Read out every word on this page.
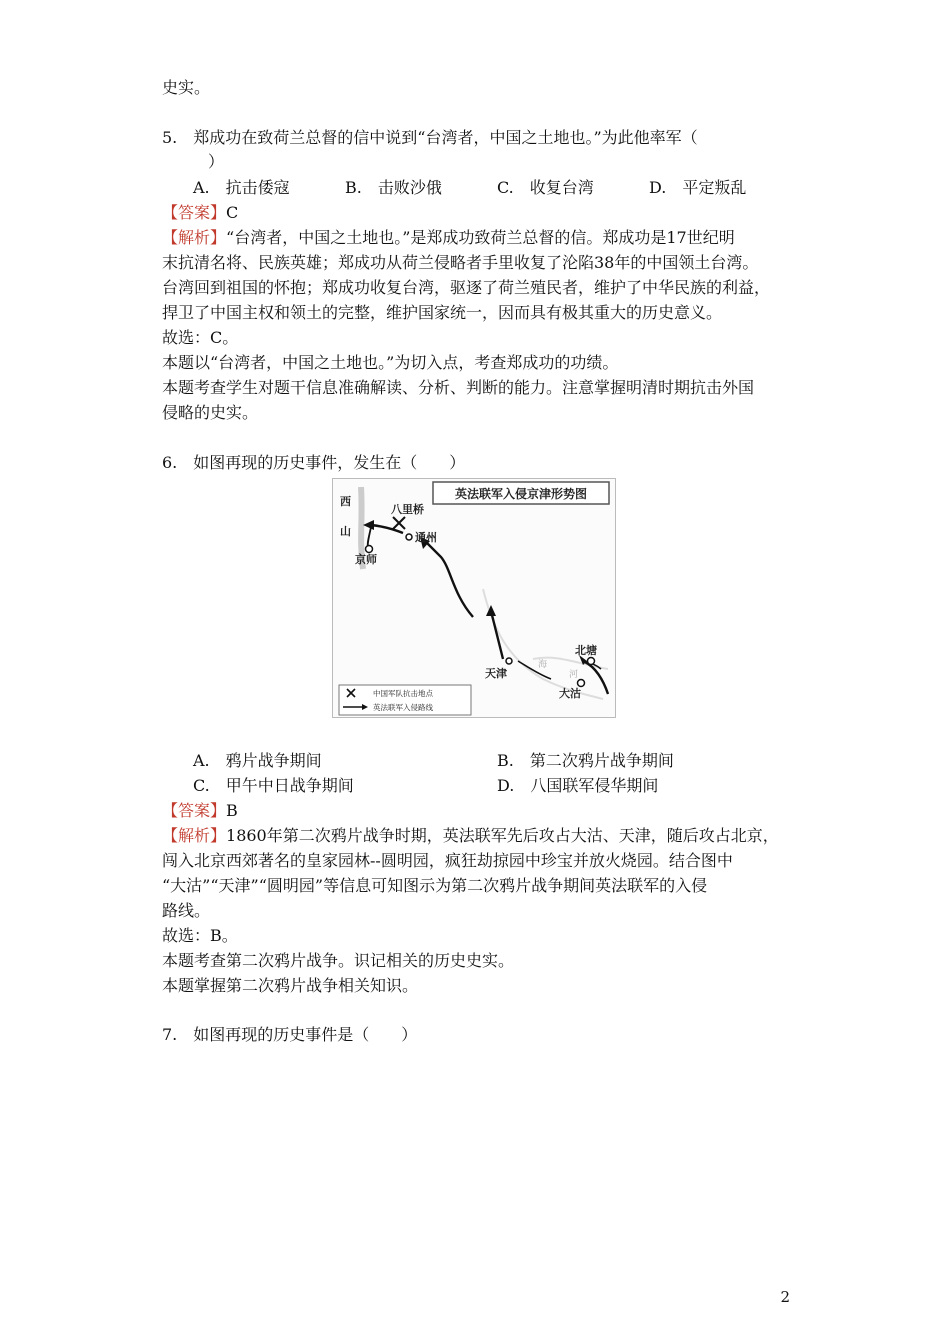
史实。
5.　郑成功在致荷兰总督的信中说到“台湾者，中国之土地也。”为此他率军（
）
A.　抗击倭寇	B.　击败沙俄	C.　收复台湾	D.　平定叛乱
【答案】C
【解析】“台湾者，中国之土地也。”是郑成功致荷兰总督的信。郑成功是17世纪明
末抗清名将、民族英雄；郑成功从荷兰侵略者手里收复了沦陷38年的中国领土台湾。
台湾回到祖国的怀抱；郑成功收复台湾，驱逐了荷兰殖民者，维护了中华民族的利益，
捍卫了中国主权和领土的完整，维护国家统一，因而具有极其重大的历史意义。
故选：C。
本题以“台湾者，中国之土地也。”为切入点，考查郑成功的功绩。
本题考查学生对题干信息准确解读、分析、判断的能力。注意掌握明清时期抗击外国
侵略的史实。
6.　如图再现的历史事件，发生在（　　）
英法联军入侵京津形势图
西
山
八里桥
通州
京师
天津
北塘
大沽
海
河
中国军队抗击地点
英法联军入侵路线
A.　鸦片战争期间	B.　第二次鸦片战争期间
C.　甲午中日战争期间	D.　八国联军侵华期间
【答案】B
【解析】1860年第二次鸦片战争时期，英法联军先后攻占大沽、天津，随后攻占北京，
闯入北京西郊著名的皇家园林--圆明园，疯狂劫掠园中珍宝并放火烧园。结合图中
“大沽”“天津”“圆明园”等信息可知图示为第二次鸦片战争期间英法联军的入侵
路线。
故选：B。
本题考查第二次鸦片战争。识记相关的历史史实。
本题掌握第二次鸦片战争相关知识。
7.　如图再现的历史事件是（　　）
2
